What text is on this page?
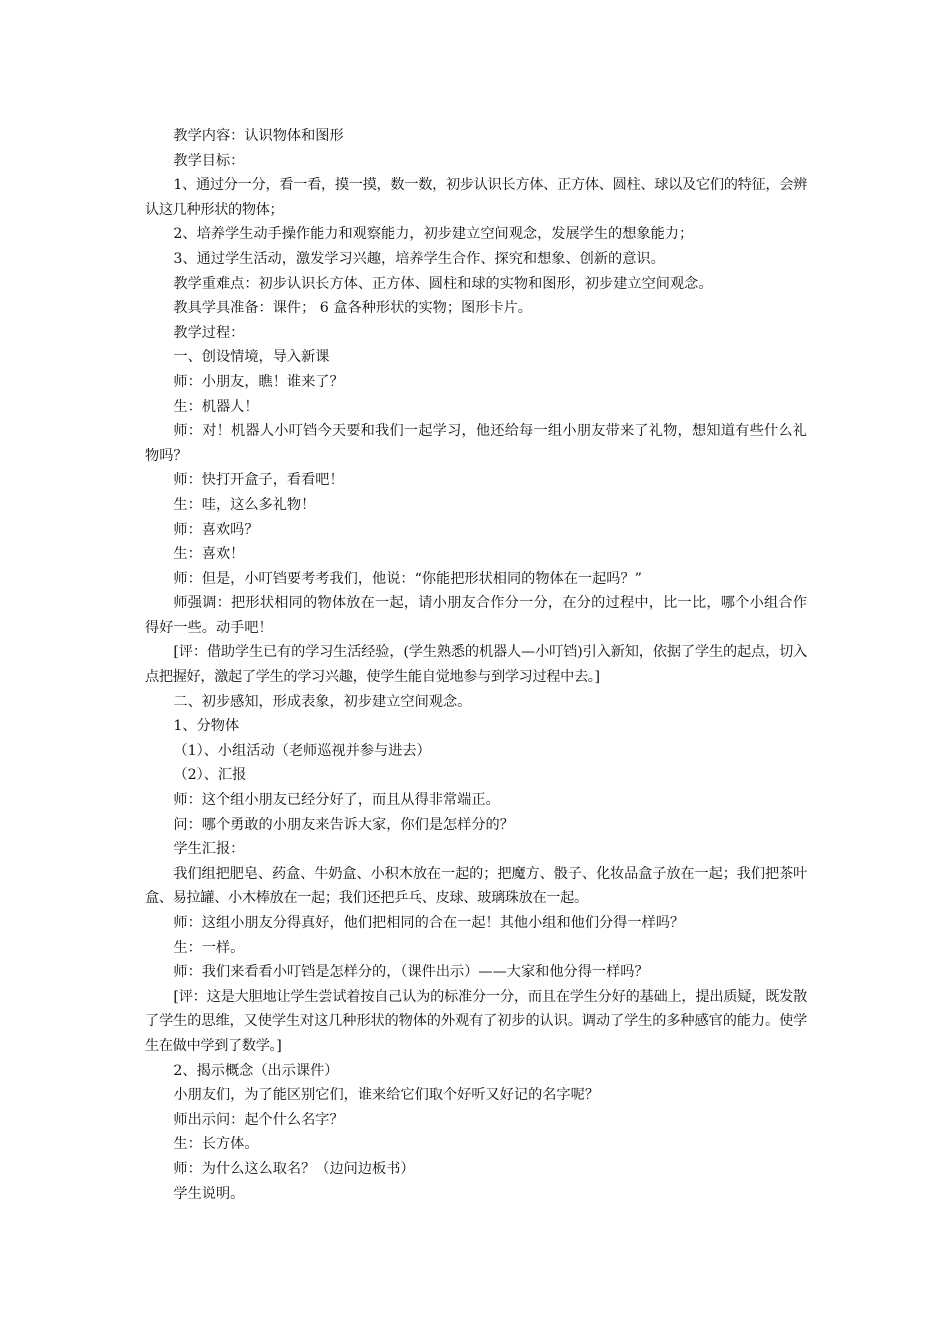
教学内容：认识物体和图形

教学目标：

1、通过分一分，看一看，摸一摸，数一数，初步认识长方体、正方体、圆柱、球以及它们的特征，会辨认这几种形状的物体；

2、培养学生动手操作能力和观察能力，初步建立空间观念，发展学生的想象能力；

3、通过学生活动，激发学习兴趣，培养学生合作、探究和想象、创新的意识。

教学重难点：初步认识长方体、正方体、圆柱和球的实物和图形，初步建立空间观念。

教具学具准备：课件； 6 盒各种形状的实物；图形卡片。

教学过程：

一、创设情境，导入新课

师：小朋友，瞧！谁来了？

生：机器人！

师：对！机器人小叮铛今天要和我们一起学习，他还给每一组小朋友带来了礼物，想知道有些什么礼物吗？

师：快打开盒子，看看吧！

生：哇，这么多礼物！

师：喜欢吗？

生：喜欢！

师：但是，小叮铛要考考我们，他说：“你能把形状相同的物体在一起吗？”

师强调：把形状相同的物体放在一起，请小朋友合作分一分，在分的过程中，比一比，哪个小组合作得好一些。动手吧！

[评：借助学生已有的学习生活经验，(学生熟悉的机器人—小叮铛)引入新知，依据了学生的起点，切入点把握好，激起了学生的学习兴趣，使学生能自觉地参与到学习过程中去。]

二、初步感知，形成表象，初步建立空间观念。

1、分物体

（1）、小组活动（老师巡视并参与进去）

（2）、汇报

师：这个组小朋友已经分好了，而且从得非常端正。

问：哪个勇敢的小朋友来告诉大家，你们是怎样分的？

学生汇报：

我们组把肥皂、药盒、牛奶盒、小积木放在一起的；把魔方、骰子、化妆品盒子放在一起；我们把茶叶盒、易拉罐、小木棒放在一起；我们还把乒乓、皮球、玻璃珠放在一起。

师：这组小朋友分得真好，他们把相同的合在一起！其他小组和他们分得一样吗？

生：一样。

师：我们来看看小叮铛是怎样分的，（课件出示）——大家和他分得一样吗？

[评：这是大胆地让学生尝试着按自己认为的标准分一分，而且在学生分好的基础上，提出质疑，既发散了学生的思维，又使学生对这几种形状的物体的外观有了初步的认识。调动了学生的多种感官的能力。使学生在做中学到了数学。]

2、揭示概念（出示课件）

小朋友们，为了能区别它们，谁来给它们取个好听又好记的名字呢？

师出示问：起个什么名字？

生：长方体。

师：为什么这么取名？（边问边板书）

学生说明。
